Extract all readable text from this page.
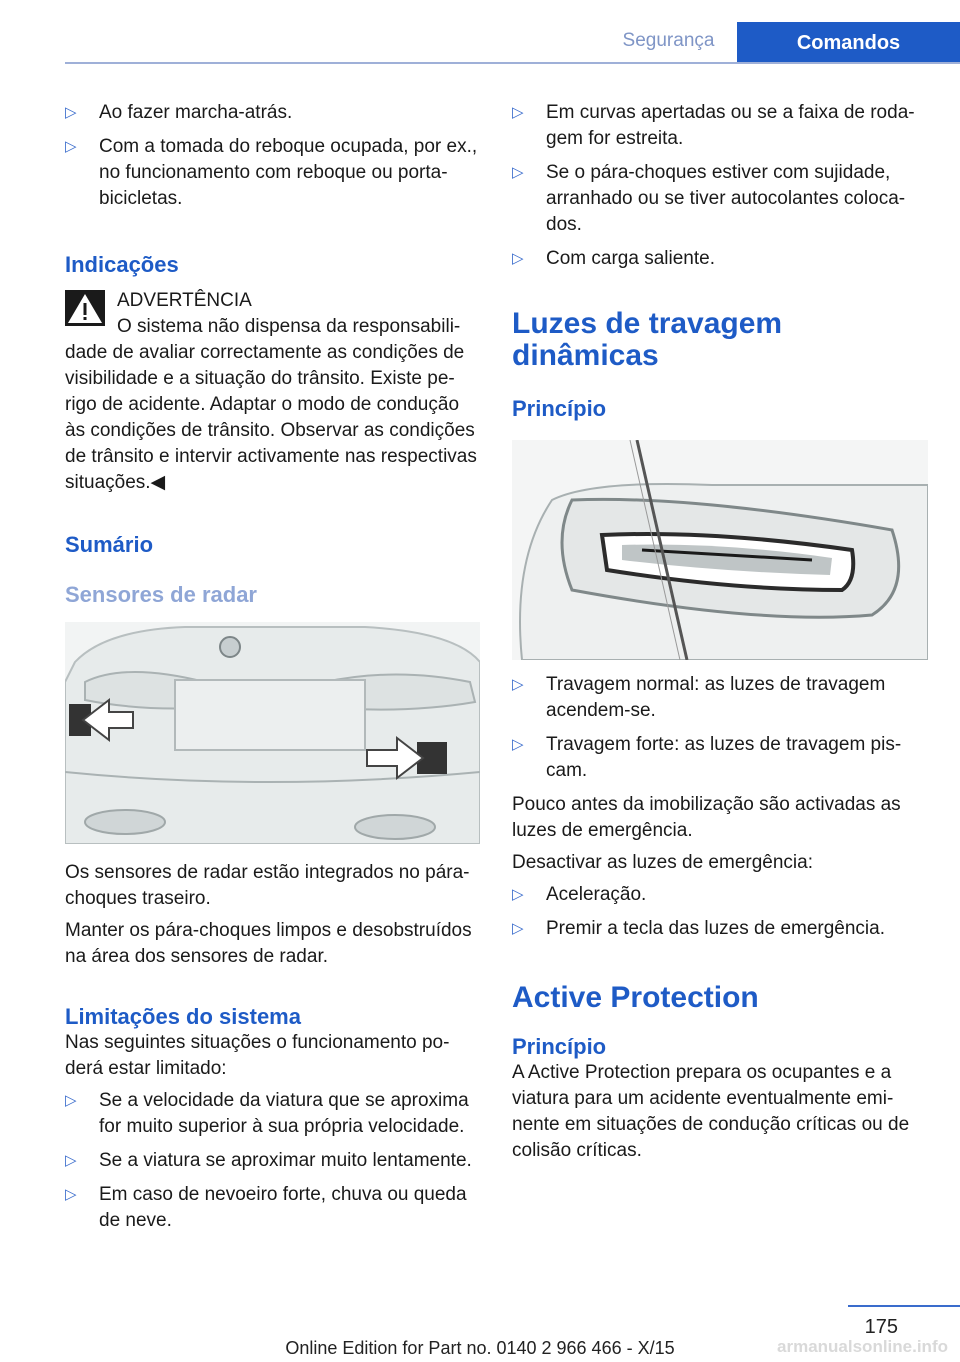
Segurança	Comandos
▷ Ao fazer marcha-atrás.
▷ Com a tomada do reboque ocupada, por ex., no funcionamento com reboque ou porta-bicicletas.
Indicações
ADVERTÊNCIA

O sistema não dispensa da responsabilidade de avaliar correctamente as condições de visibilidade e a situação do trânsito. Existe perigo de acidente. Adaptar o modo de condução às condições de trânsito. Observar as condições de trânsito e intervir activamente nas respectivas situações.◀

Sumário
Sensores de radar

Os sensores de radar estão integrados no pára-choques traseiro.

Manter os pára-choques limpos e desobstruídos na área dos sensores de radar.

Limitações do sistema

Nas seguintes situações o funcionamento poderá estar limitado:

▷ Se a velocidade da viatura que se aproxima for muito superior à sua própria velocidade.
▷ Se a viatura se aproximar muito lentamente.
▷ Em caso de nevoeiro forte, chuva ou queda de neve.
▷ Em curvas apertadas ou se a faixa de rodagem for estreita.
▷ Se o pára-choques estiver com sujidade, arranhado ou se tiver autocolantes colocados.
▷ Com carga saliente.
Luzes de travagem
dinâmicas
Princípio
▷ Travagem normal: as luzes de travagem acendem-se.
▷ Travagem forte: as luzes de travagem piscam.

Pouco antes da imobilização são activadas as luzes de emergência.

Desactivar as luzes de emergência:

▷ Aceleração.
▷ Premir a tecla das luzes de emergência.
Active Protection
Princípio

A Active Protection prepara os ocupantes e a viatura para um acidente eventualmente eminente em situações de condução críticas ou de colisão críticas.

175
Online Edition for Part no. 0140 2 966 466 - X/15	armanualsonline.info
